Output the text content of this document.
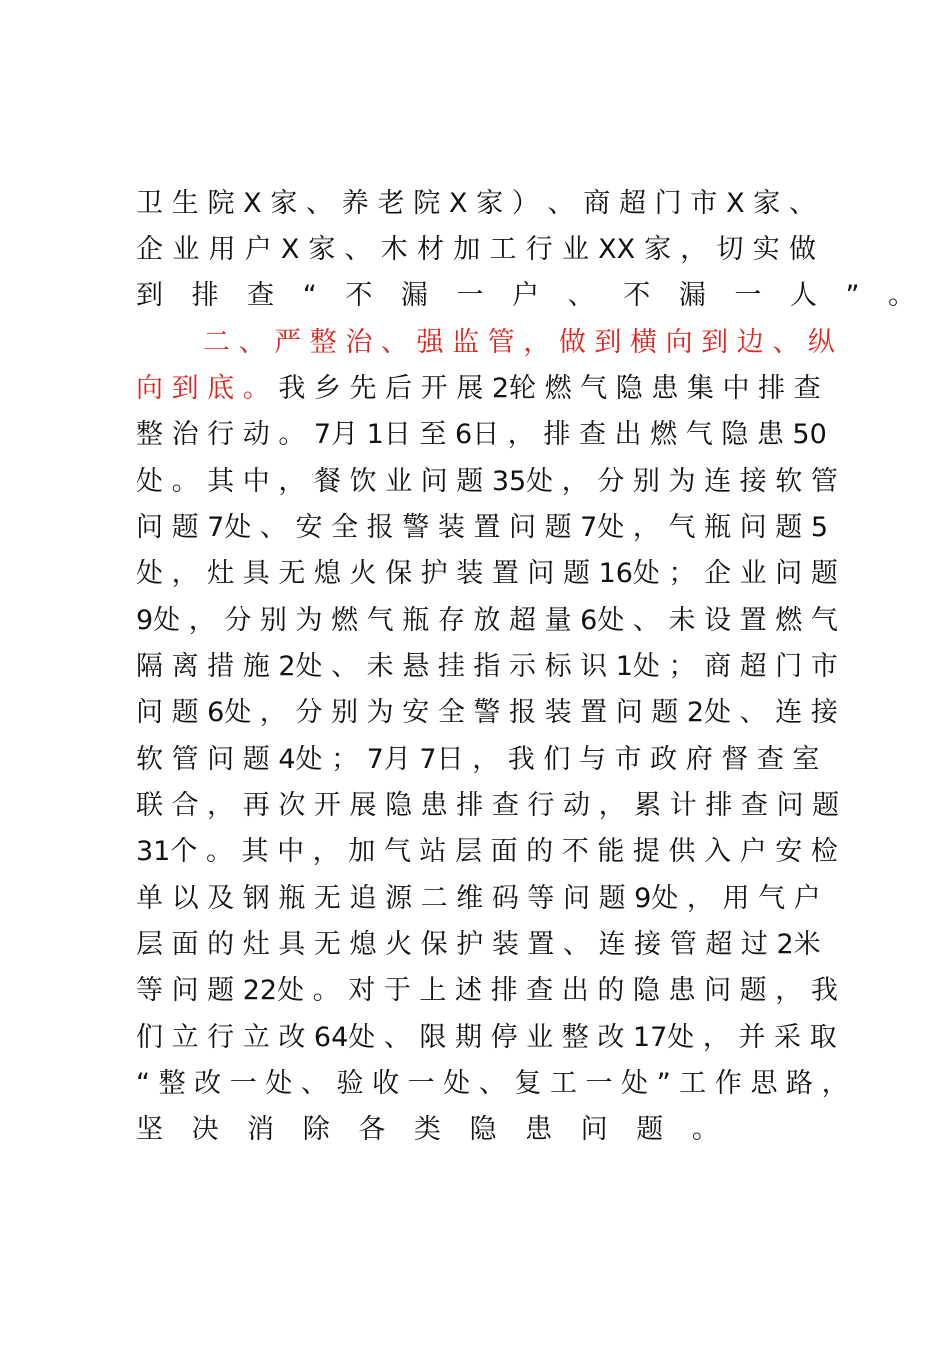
卫 生 院 X 家 、 养 老 院 X 家 ） 、 商 超 门 市 X 家 、
企 业 用 户 X 家 、 木 材 加 工 行 业 XX 家 ， 切 实 做
到 排 查 “ 不 漏 一 户 、 不 漏 一 人 ” 。
二 、 严 整 治 、 强 监 管 ， 做 到 横 向 到 边 、 纵
向 到 底 。 我 乡 先 后 开 展 2轮 燃 气 隐 患 集 中 排 查
整 治 行 动 。 7月 1日 至 6日 ， 排 查 出 燃 气 隐 患 50
处 。 其 中 ， 餐 饮 业 问 题 35处 ， 分 别 为 连 接 软 管
问 题 7处 、 安 全 报 警 装 置 问 题 7处 ， 气 瓶 问 题 5
处 ， 灶 具 无 熄 火 保 护 装 置 问 题 16处 ； 企 业 问 题
9处 ， 分 别 为 燃 气 瓶 存 放 超 量 6处 、 未 设 置 燃 气
隔 离 措 施 2处 、 未 悬 挂 指 示 标 识 1处 ； 商 超 门 市
问 题 6处 ， 分 别 为 安 全 警 报 装 置 问 题 2处 、 连 接
软 管 问 题 4处 ； 7月 7日 ， 我 们 与 市 政 府 督 查 室
联 合 ， 再 次 开 展 隐 患 排 查 行 动 ， 累 计 排 查 问 题
31个 。 其 中 ， 加 气 站 层 面 的 不 能 提 供 入 户 安 检
单 以 及 钢 瓶 无 追 源 二 维 码 等 问 题 9处 ， 用 气 户
层 面 的 灶 具 无 熄 火 保 护 装 置 、 连 接 管 超 过 2米
等 问 题 22处 。 对 于 上 述 排 查 出 的 隐 患 问 题 ， 我
们 立 行 立 改 64处 、 限 期 停 业 整 改 17处 ， 并 采 取
“ 整 改 一 处 、 验 收 一 处 、 复 工 一 处 ” 工 作 思 路 ，
坚 决 消 除 各 类 隐 患 问 题 。
